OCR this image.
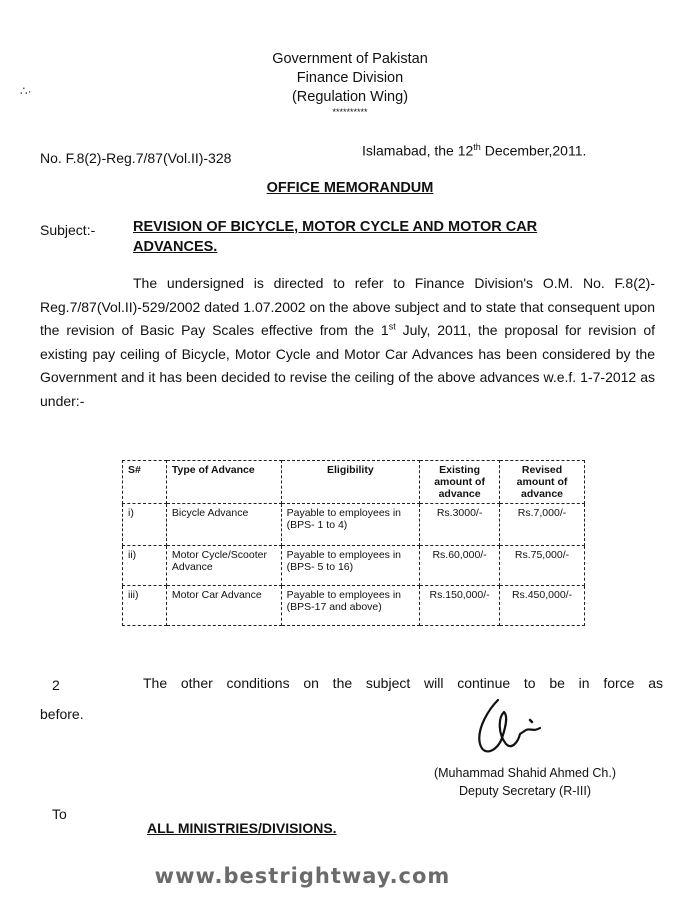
∴·
Government of Pakistan
Finance Division
(Regulation Wing)
**********
No. F.8(2)-Reg.7/87(Vol.II)-328	Islamabad, the 12th December,2011.
OFFICE MEMORANDUM
Subject:-	REVISION OF BICYCLE, MOTOR CYCLE AND MOTOR CAR ADVANCES.
The undersigned is directed to refer to Finance Division's O.M. No. F.8(2)-Reg.7/87(Vol.II)-529/2002 dated 1.07.2002 on the above subject and to state that consequent upon the revision of Basic Pay Scales effective from the 1st July, 2011, the proposal for revision of existing pay ceiling of Bicycle, Motor Cycle and Motor Car Advances has been considered by the Government and it has been decided to revise the ceiling of the above advances w.e.f. 1-7-2012 as under:-
S#	Type of Advance	Eligibility	Existing amount of advance	Revised amount of advance
i)	Bicycle Advance	Payable to employees in (BPS- 1 to 4)	Rs.3000/-	Rs.7,000/-
ii)	Motor Cycle/Scooter Advance	Payable to employees in (BPS- 5 to 16)	Rs.60,000/-	Rs.75,000/-
iii)	Motor Car Advance	Payable to employees in (BPS-17 and above)	Rs.150,000/-	Rs.450,000/-
2	The other conditions on the subject will continue to be in force as
before.
(Muhammad Shahid Ahmed Ch.)
Deputy Secretary (R-III)
To
ALL MINISTRIES/DIVISIONS.
www.bestrightway.com
